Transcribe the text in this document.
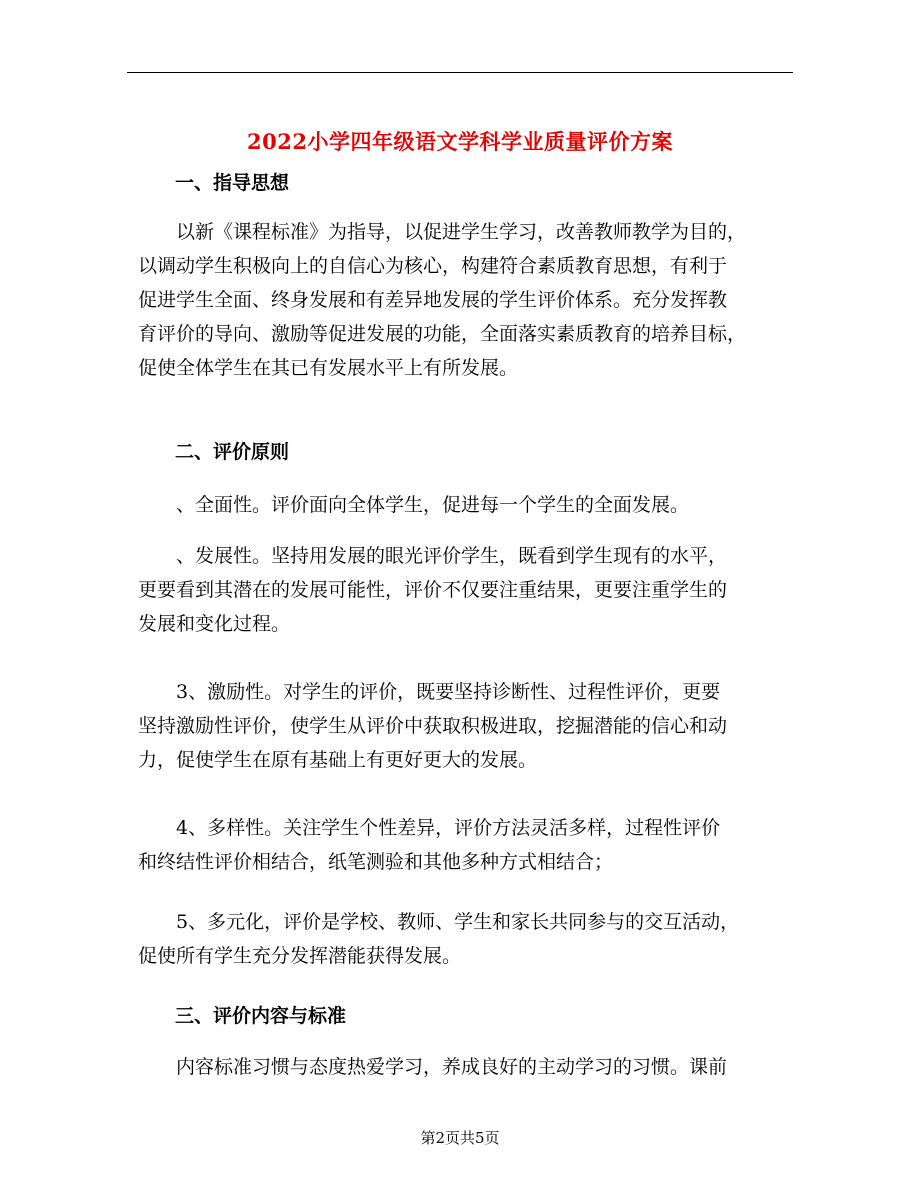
2022小学四年级语文学科学业质量评价方案
一、指导思想

以新《课程标准》为指导，以促进学生学习，改善教师教学为目的，
以调动学生积极向上的自信心为核心，构建符合素质教育思想，有利于
促进学生全面、终身发展和有差异地发展的学生评价体系。充分发挥教
育评价的导向、激励等促进发展的功能，全面落实素质教育的培养目标，
促使全体学生在其已有发展水平上有所发展。

二、评价原则

、全面性。评价面向全体学生，促进每一个学生的全面发展。

、发展性。坚持用发展的眼光评价学生，既看到学生现有的水平，
更要看到其潜在的发展可能性，评价不仅要注重结果，更要注重学生的
发展和变化过程。

3、激励性。对学生的评价，既要坚持诊断性、过程性评价，更要
坚持激励性评价，使学生从评价中获取积极进取，挖掘潜能的信心和动
力，促使学生在原有基础上有更好更大的发展。

4、多样性。关注学生个性差异，评价方法灵活多样，过程性评价
和终结性评价相结合，纸笔测验和其他多种方式相结合；

5、多元化，评价是学校、教师、学生和家长共同参与的交互活动，
促使所有学生充分发挥潜能获得发展。

三、评价内容与标准

内容标准习惯与态度热爱学习，养成良好的主动学习的习惯。课前

第2页共5页
